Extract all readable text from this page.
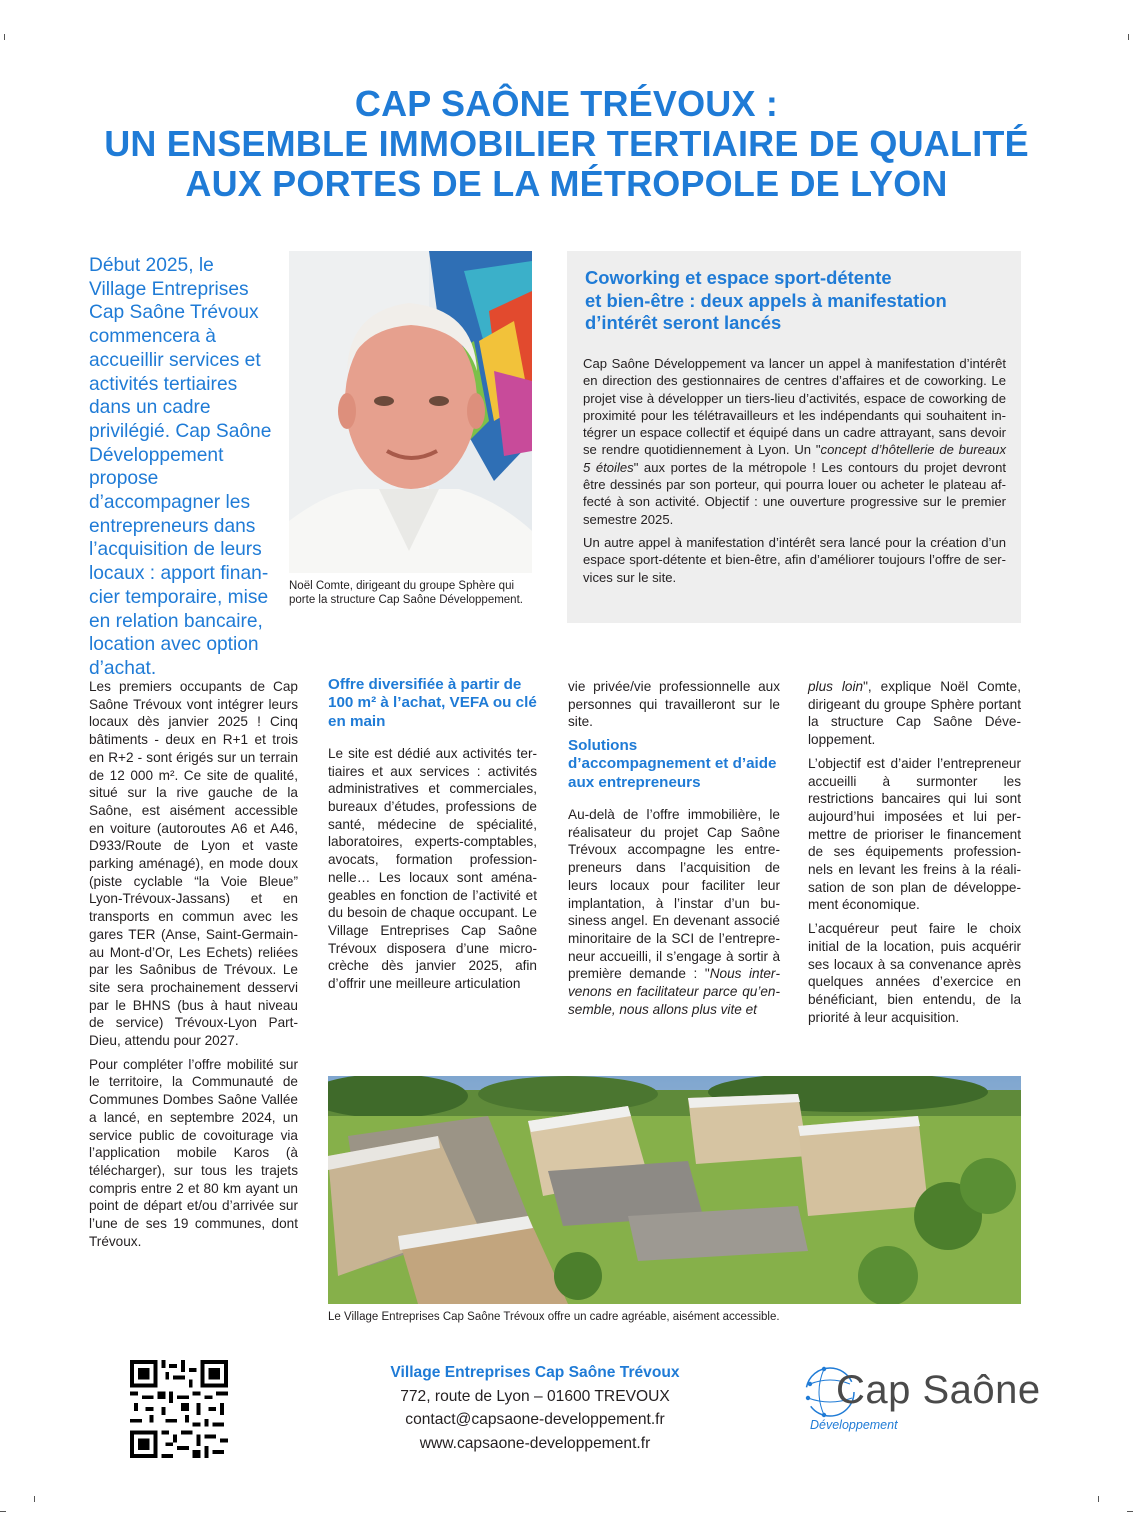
CAP SAÔNE TRÉVOUX :
UN ENSEMBLE IMMOBILIER TERTIAIRE DE QUALITÉ
AUX PORTES DE LA MÉTROPOLE DE LYON
Début 2025, le Village Entreprises Cap Saône Trévoux commencera à accueillir services et activités tertiaires dans un cadre privilégié. Cap Saône Développement propose d’accompagner les entrepreneurs dans l’acquisition de leurs locaux : apport financier temporaire, mise en relation bancaire, location avec option d’achat.
Noël Comte, dirigeant du groupe Sphère qui porte la structure Cap Saône Développement.
Coworking et espace sport-détente
et bien-être : deux appels à manifestation
d’intérêt seront lancés

Cap Saône Développement va lancer un appel à manifestation d’intérêt en direction des gestionnaires de centres d’affaires et de coworking. Le projet vise à développer un tiers-lieu d’activités, espace de coworking de proximité pour les télétravailleurs et les indépendants qui souhaitent intégrer un espace collectif et équipé dans un cadre attrayant, sans devoir se rendre quotidiennement à Lyon. Un "concept d’hôtellerie de bureaux 5 étoiles" aux portes de la métropole ! Les contours du projet devront être dessinés par son porteur, qui pourra louer ou acheter le plateau affecté à son activité. Objectif : une ouverture progressive sur le premier semestre 2025.

Un autre appel à manifestation d’intérêt sera lancé pour la création d’un espace sport-détente et bien-être, afin d’améliorer toujours l’offre de services sur le site.

Les premiers occupants de Cap Saône Trévoux vont intégrer leurs locaux dès janvier 2025 ! Cinq bâtiments - deux en R+1 et trois en R+2 - sont érigés sur un terrain de 12 000 m². Ce site de qualité, situé sur la rive gauche de la Saône, est aisément accessible en voiture (autoroutes A6 et A46, D933/Route de Lyon et vaste parking aménagé), en mode doux (piste cyclable “la Voie Bleue” Lyon-Trévoux-Jassans) et en transports en commun avec les gares TER (Anse, Saint-Germain-au Mont-d’Or, Les Echets) reliées par les Saônibus de Trévoux. Le site sera prochainement desservi par le BHNS (bus à haut niveau de service) Trévoux-Lyon Part-Dieu, attendu pour 2027.

Pour compléter l’offre mobilité sur le territoire, la Communauté de Communes Dombes Saône Vallée a lancé, en septembre 2024, un service public de covoiturage via l’application mobile Karos (à télécharger), sur tous les trajets compris entre 2 et 80 km ayant un point de départ et/ou d’arrivée sur l’une de ses 19 communes, dont Trévoux.

Offre diversifiée à partir de 100 m² à l’achat, VEFA ou clé en main

Le site est dédié aux activités tertiaires et aux services : activités administratives et commerciales, bureaux d’études, professions de santé, médecine de spécialité, laboratoires, experts-comptables, avocats, formation professionnelle… Les locaux sont aménageables en fonction de l’activité et du besoin de chaque occupant. Le Village Entreprises Cap Saône Trévoux disposera d’une micro-crèche dès janvier 2025, afin d’offrir une meilleure articulation

vie privée/vie professionnelle aux personnes qui travailleront sur le site.

Solutions d’accompagnement et d’aide aux entrepreneurs

Au-delà de l’offre immobilière, le réalisateur du projet Cap Saône Trévoux accompagne les entrepreneurs dans l’acquisition de leurs locaux pour faciliter leur implantation, à l’instar d’un business angel. En devenant associé minoritaire de la SCI de l’entrepreneur accueilli, il s’engage à sortir à première demande : "Nous intervenons en facilitateur parce qu’ensemble, nous allons plus vite et

plus loin", explique Noël Comte, dirigeant du groupe Sphère portant la structure Cap Saône Développement.

L’objectif est d’aider l’entrepreneur accueilli à surmonter les restrictions bancaires qui lui sont aujourd’hui imposées et lui permettre de prioriser le financement de ses équipements professionnels en levant les freins à la réalisation de son plan de développement économique.

L’acquéreur peut faire le choix initial de la location, puis acquérir ses locaux à sa convenance après quelques années d’exercice en bénéficiant, bien entendu, de la priorité à leur acquisition.

Le Village Entreprises Cap Saône Trévoux offre un cadre agréable, aisément accessible.
Village Entreprises Cap Saône Trévoux
772, route de Lyon – 01600 TREVOUX
contact@capsaone-developpement.fr
www.capsaone-developpement.fr
Cap Saône
Développement
